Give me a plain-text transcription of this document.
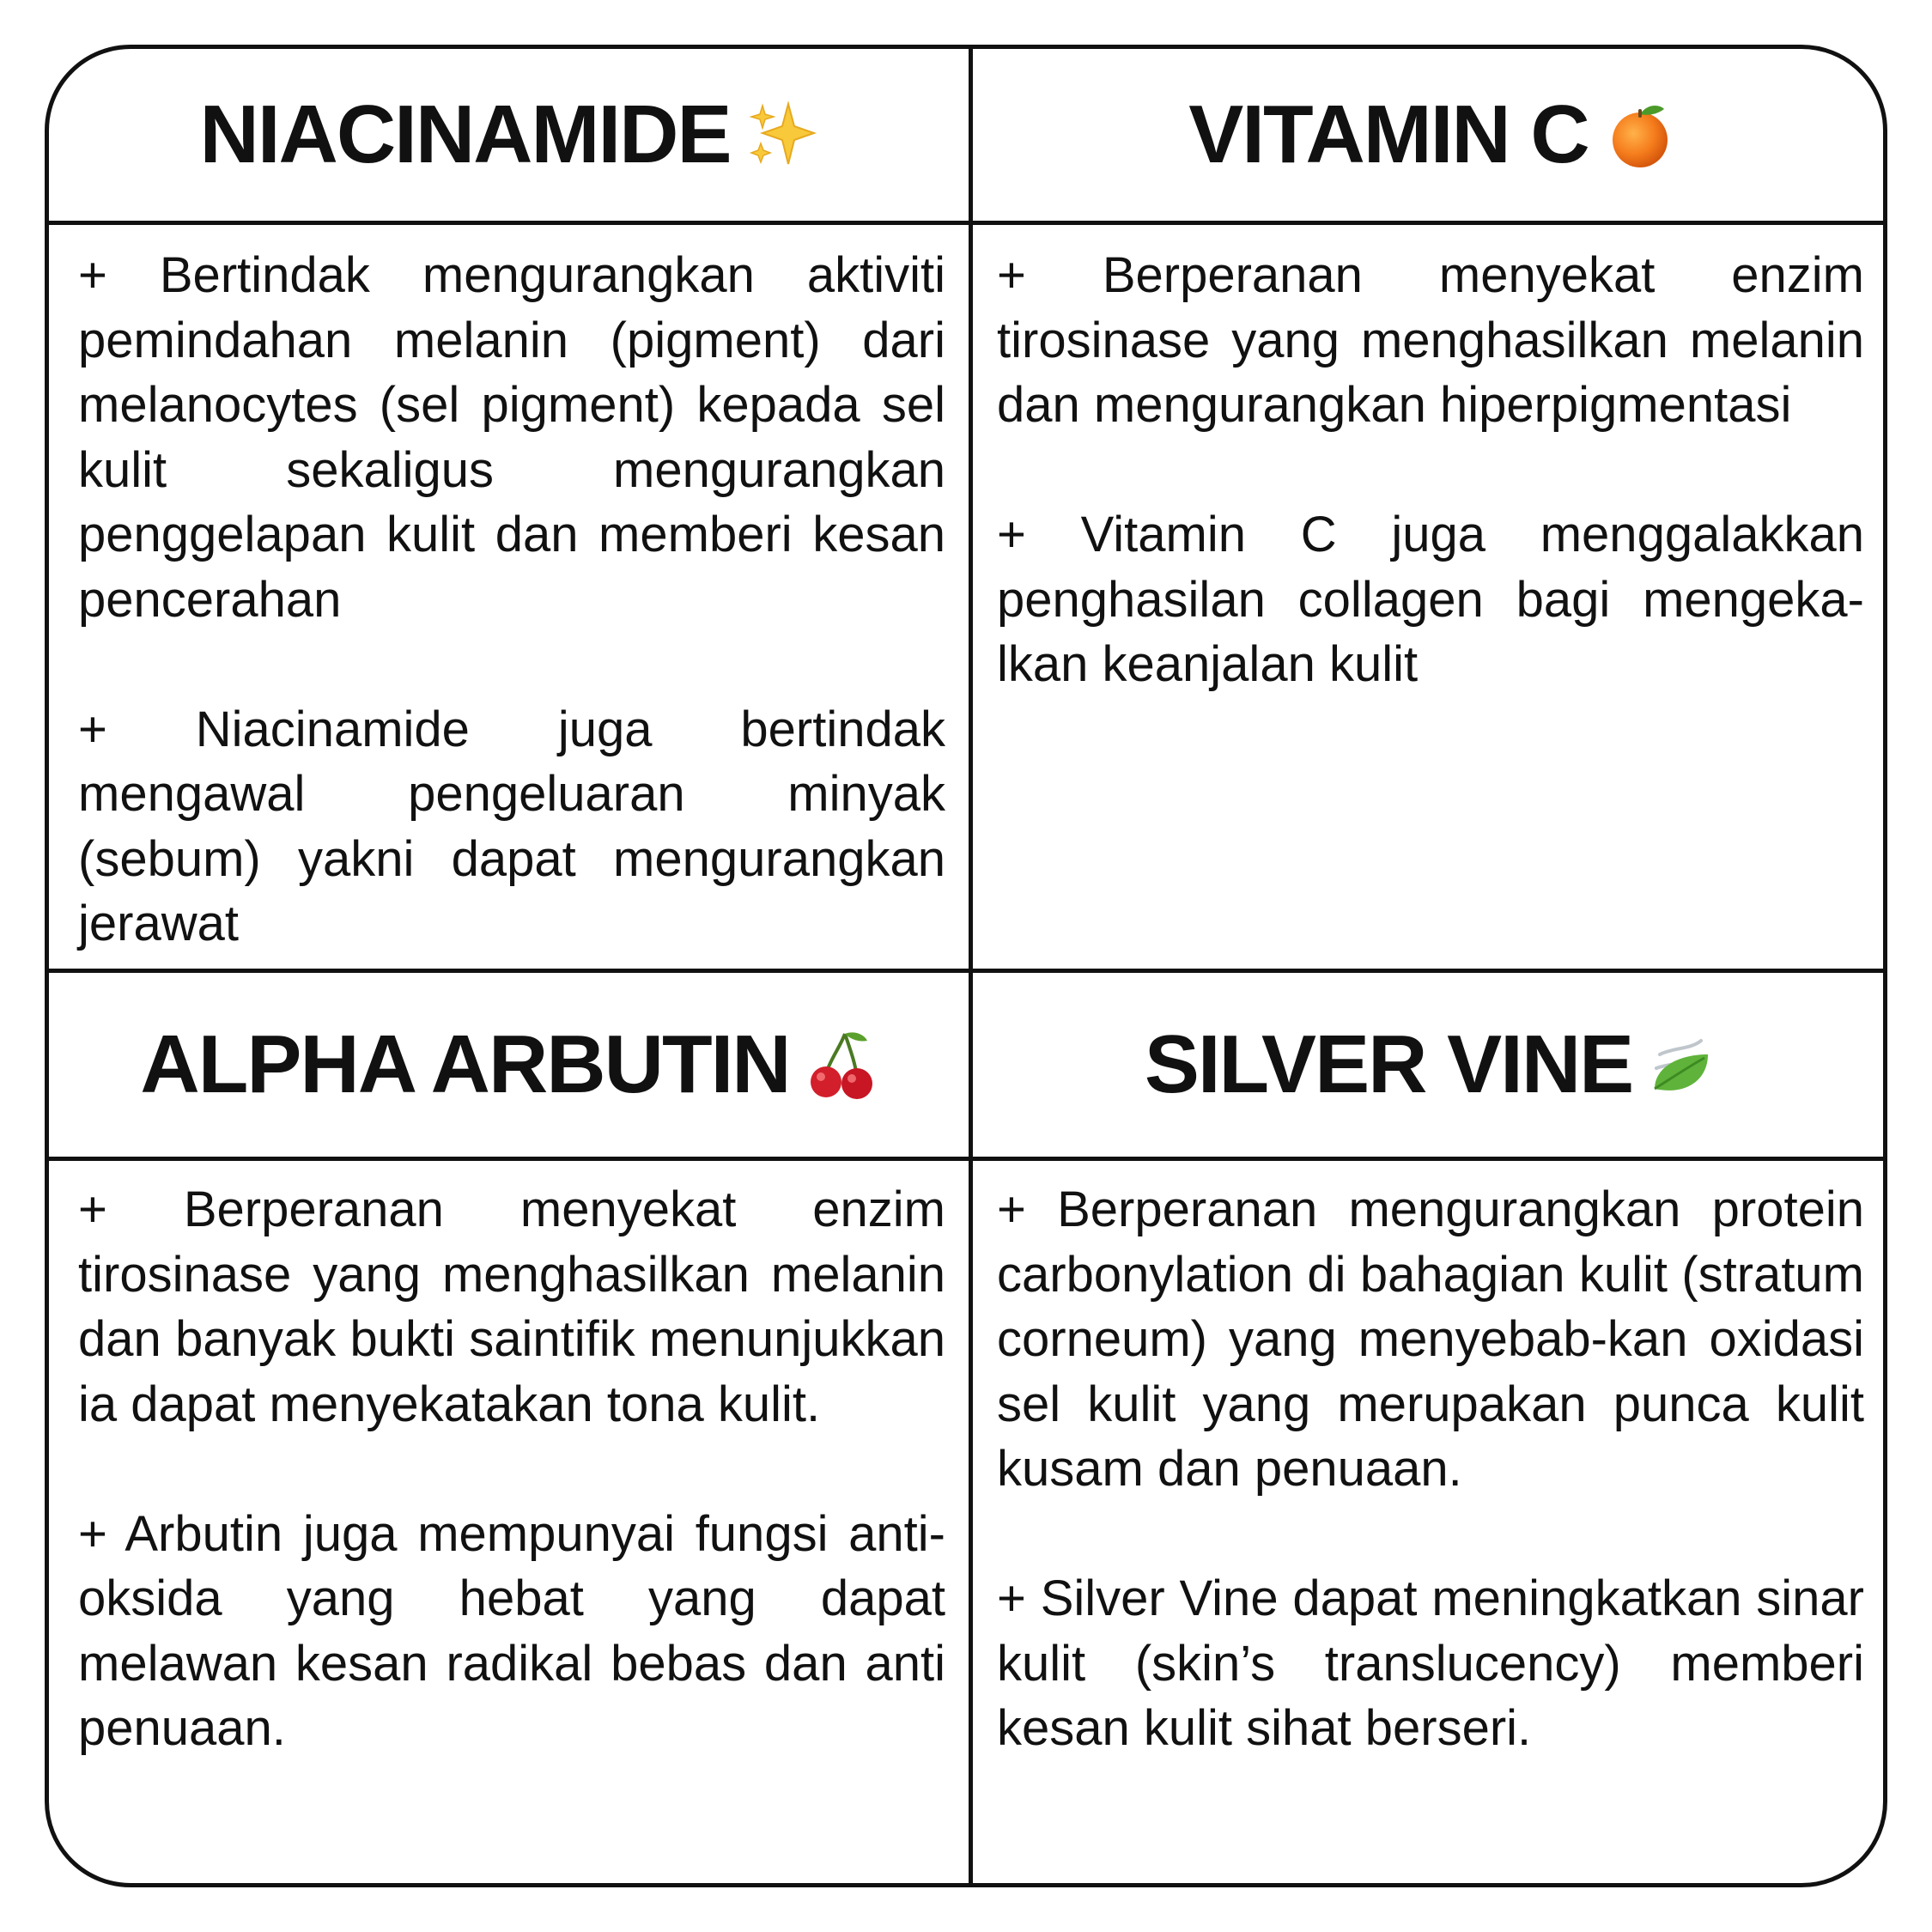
NIACINAMIDE

+ Bertindak mengurangkan aktiviti pemindahan melanin (pigment) dari melanocytes (sel pigment) kepada sel kulit sekaligus mengurangkan penggelapan kulit dan memberi kesan pencerahan

+ Niacinamide juga bertindak mengawal pengeluaran minyak (sebum) yakni dapat mengurangkan jerawat

VITAMIN C

+ Berperanan menyekat enzim tirosinase yang menghasilkan melanin dan mengurangkan hiperpigmentasi

+ Vitamin C juga menggalakkan penghasilan collagen bagi mengeka-lkan keanjalan kulit

ALPHA ARBUTIN

+ Berperanan menyekat enzim tirosinase yang menghasilkan melanin dan banyak bukti saintifik menunjukkan ia dapat menyekatakan tona kulit.

+ Arbutin juga mempunyai fungsi anti-oksida yang hebat yang dapat melawan kesan radikal bebas dan anti penuaan.

SILVER VINE

+ Berperanan mengurangkan protein carbonylation di bahagian kulit (stratum corneum) yang menyebab-kan oxidasi sel kulit yang merupakan punca kulit kusam dan penuaan.

+ Silver Vine dapat meningkatkan sinar kulit (skin’s translucency) memberi kesan kulit sihat berseri.
